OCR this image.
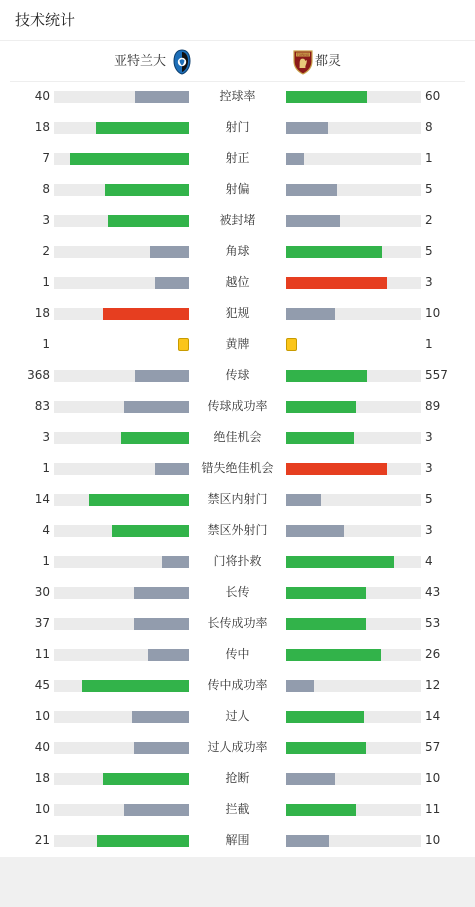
技术统计
亚特兰大	TORINO 都灵
40	控球率	60
18	射门	8
7	射正	1
8	射偏	5
3	被封堵	2
2	角球	5
1	越位	3
18	犯规	10
1	黄牌	1
368	传球	557
83	传球成功率	89
3	绝佳机会	3
1	错失绝佳机会	3
14	禁区内射门	5
4	禁区外射门	3
1	门将扑救	4
30	长传	43
37	长传成功率	53
11	传中	26
45	传中成功率	12
10	过人	14
40	过人成功率	57
18	抢断	10
10	拦截	11
21	解围	10
